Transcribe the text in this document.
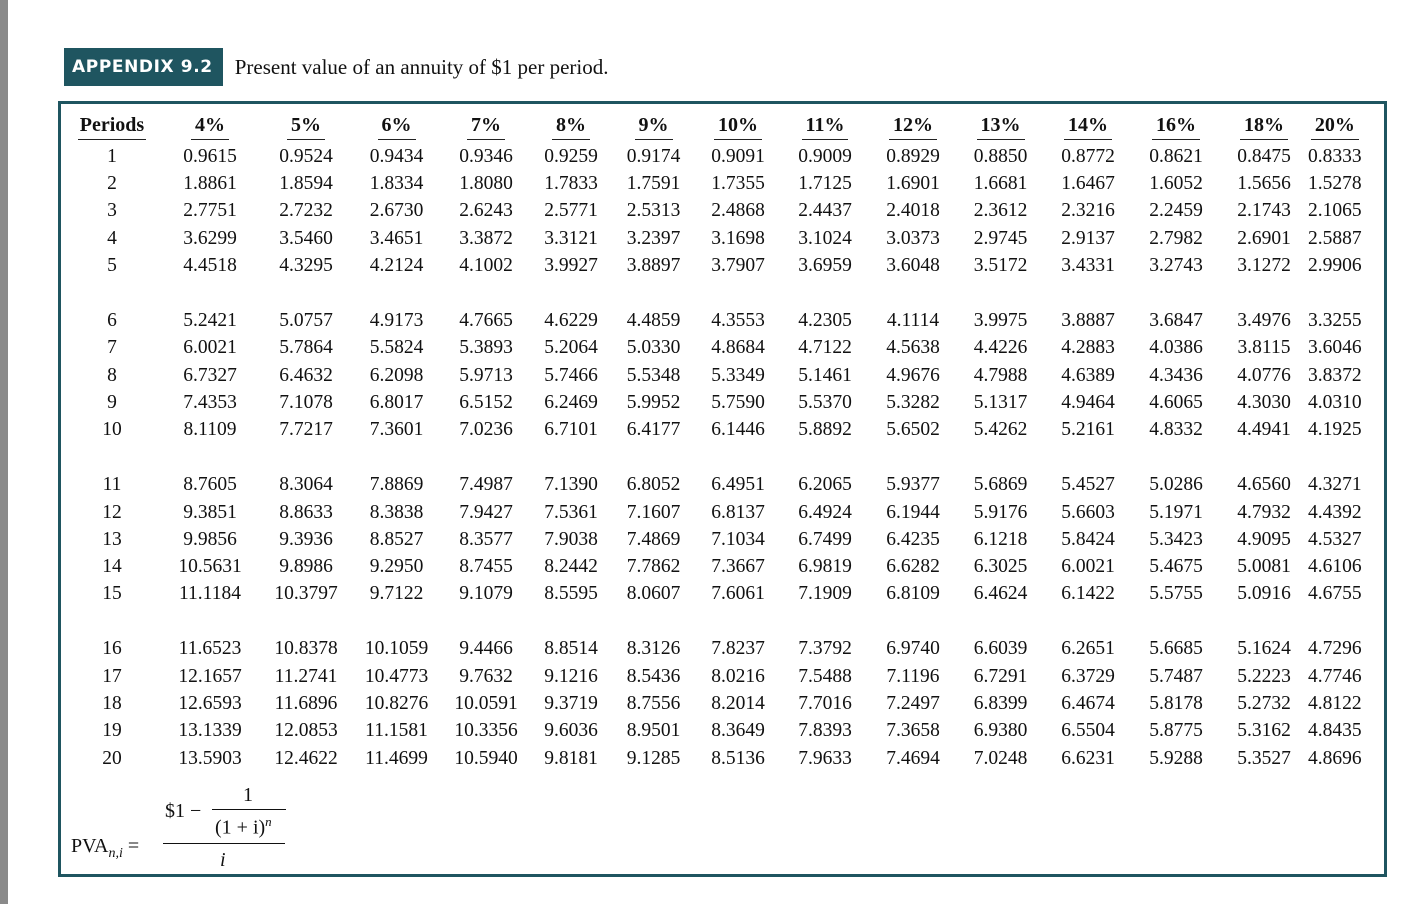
APPENDIX 9.2	Present value of an annuity of $1 per period.
Periods	4%	5%	6%	7%	8%	9%	10%	11%	12%	13%	14%	16%	18%	20%
1	0.9615	0.9524	0.9434	0.9346	0.9259	0.9174	0.9091	0.9009	0.8929	0.8850	0.8772	0.8621	0.8475	0.8333
2	1.8861	1.8594	1.8334	1.8080	1.7833	1.7591	1.7355	1.7125	1.6901	1.6681	1.6467	1.6052	1.5656	1.5278
3	2.7751	2.7232	2.6730	2.6243	2.5771	2.5313	2.4868	2.4437	2.4018	2.3612	2.3216	2.2459	2.1743	2.1065
4	3.6299	3.5460	3.4651	3.3872	3.3121	3.2397	3.1698	3.1024	3.0373	2.9745	2.9137	2.7982	2.6901	2.5887
5	4.4518	4.3295	4.2124	4.1002	3.9927	3.8897	3.7907	3.6959	3.6048	3.5172	3.4331	3.2743	3.1272	2.9906

6	5.2421	5.0757	4.9173	4.7665	4.6229	4.4859	4.3553	4.2305	4.1114	3.9975	3.8887	3.6847	3.4976	3.3255
7	6.0021	5.7864	5.5824	5.3893	5.2064	5.0330	4.8684	4.7122	4.5638	4.4226	4.2883	4.0386	3.8115	3.6046
8	6.7327	6.4632	6.2098	5.9713	5.7466	5.5348	5.3349	5.1461	4.9676	4.7988	4.6389	4.3436	4.0776	3.8372
9	7.4353	7.1078	6.8017	6.5152	6.2469	5.9952	5.7590	5.5370	5.3282	5.1317	4.9464	4.6065	4.3030	4.0310
10	8.1109	7.7217	7.3601	7.0236	6.7101	6.4177	6.1446	5.8892	5.6502	5.4262	5.2161	4.8332	4.4941	4.1925

11	8.7605	8.3064	7.8869	7.4987	7.1390	6.8052	6.4951	6.2065	5.9377	5.6869	5.4527	5.0286	4.6560	4.3271
12	9.3851	8.8633	8.3838	7.9427	7.5361	7.1607	6.8137	6.4924	6.1944	5.9176	5.6603	5.1971	4.7932	4.4392
13	9.9856	9.3936	8.8527	8.3577	7.9038	7.4869	7.1034	6.7499	6.4235	6.1218	5.8424	5.3423	4.9095	4.5327
14	10.5631	9.8986	9.2950	8.7455	8.2442	7.7862	7.3667	6.9819	6.6282	6.3025	6.0021	5.4675	5.0081	4.6106
15	11.1184	10.3797	9.7122	9.1079	8.5595	8.0607	7.6061	7.1909	6.8109	6.4624	6.1422	5.5755	5.0916	4.6755

16	11.6523	10.8378	10.1059	9.4466	8.8514	8.3126	7.8237	7.3792	6.9740	6.6039	6.2651	5.6685	5.1624	4.7296
17	12.1657	11.2741	10.4773	9.7632	9.1216	8.5436	8.0216	7.5488	7.1196	6.7291	6.3729	5.7487	5.2223	4.7746
18	12.6593	11.6896	10.8276	10.0591	9.3719	8.7556	8.2014	7.7016	7.2497	6.8399	6.4674	5.8178	5.2732	4.8122
19	13.1339	12.0853	11.1581	10.3356	9.6036	8.9501	8.3649	7.8393	7.3658	6.9380	6.5504	5.8775	5.3162	4.8435
20	13.5903	12.4622	11.4699	10.5940	9.8181	9.1285	8.5136	7.9633	7.4694	7.0248	6.6231	5.9288	5.3527	4.8696
$PVA_{n,i}$ =
$1 −
1
$(1 + i)^n$
i
